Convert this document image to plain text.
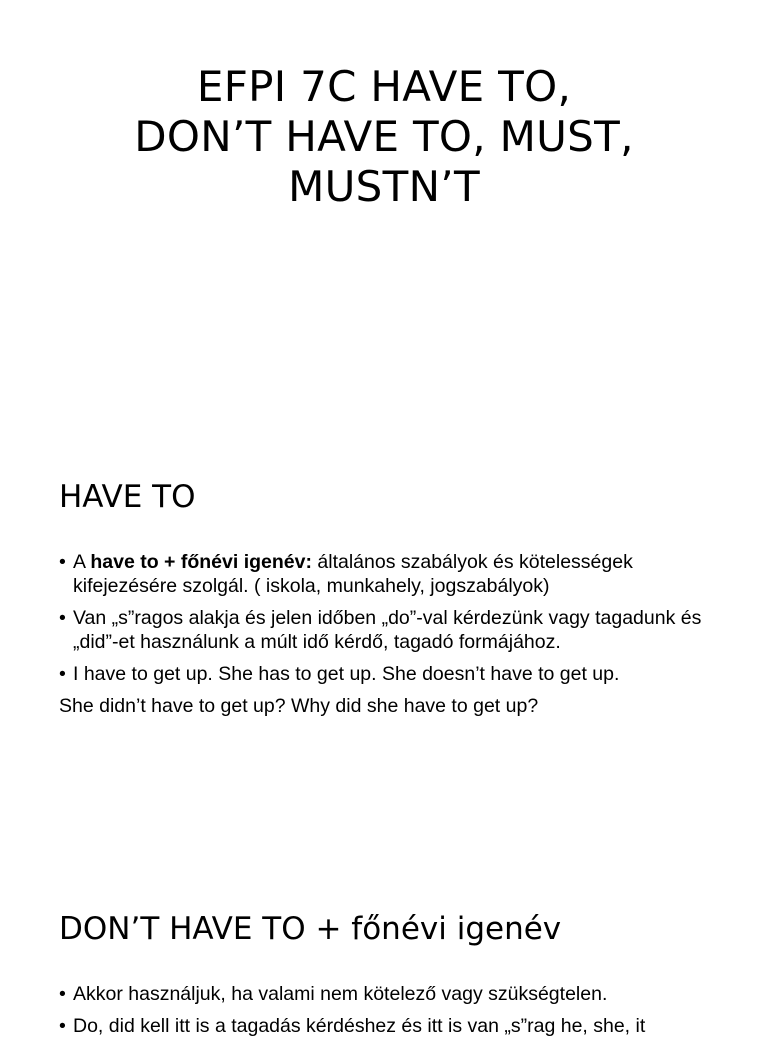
EFPI 7C HAVE TO,
DON’T HAVE TO, MUST,
MUSTN’T
HAVE TO
• A have to + főnévi igenév: általános szabályok és kötelességek kifejezésére szolgál. ( iskola, munkahely, jogszabályok)
• Van „s”ragos alakja és jelen időben „do”-val kérdezünk vagy tagadunk és „did”-et használunk a múlt idő kérdő, tagadó formájához.
• I have to get up. She has to get up. She doesn’t have to get up.
She didn’t have to get up? Why did she have to get up?
DON’T HAVE TO + főnévi igenév
• Akkor használjuk, ha valami nem kötelező vagy szükségtelen.
• Do, did kell itt is a tagadás kérdéshez és itt is van „s”rag he, she, it
